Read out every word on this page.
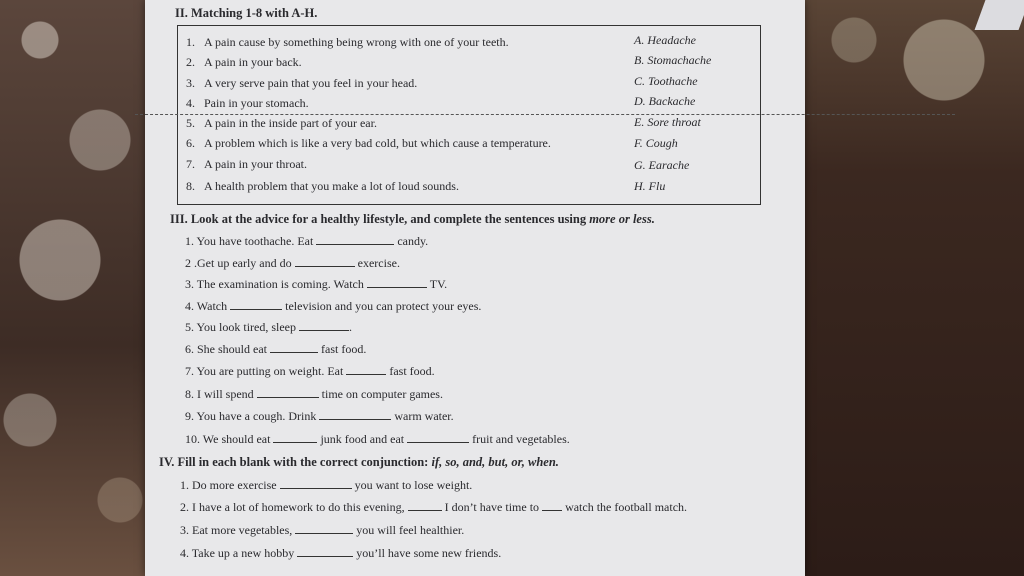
II. Matching 1-8 with A-H.
1. A pain cause by something being wrong with one of your teeth.
2. A pain in your back.
3. A very serve pain that you feel in your head.
4. Pain in your stomach.
5. A pain in the inside part of your ear.
6. A problem which is like a very bad cold, but which cause a temperature.
7. A pain in your throat.
8. A health problem that you make a lot of loud sounds.
A. Headache
B. Stomachache
C. Toothache
D. Backache
E. Sore throat
F. Cough
G. Earache
H. Flu
III. Look at the advice for a healthy lifestyle, and complete the sentences using more or less.
1. You have toothache. Eat	candy.
2 .Get up early and do	exercise.
3. The examination is coming. Watch	TV.
4. Watch	television and you can protect your eyes.
5. You look tired, sleep	.
6. She should eat	fast food.
7. You are putting on weight. Eat	fast food.
8. I will spend	time on computer games.
9. You have a cough. Drink	warm water.
10. We should eat	junk food and eat	fruit and vegetables.
IV. Fill in each blank with the correct conjunction: if, so, and, but, or, when.
1. Do more exercise	you want to lose weight.
2. I have a lot of homework to do this evening,	I don’t have time to watch the football match.
3. Eat more vegetables,	you will feel healthier.
4. Take up a new hobby	you’ll have some new friends.
